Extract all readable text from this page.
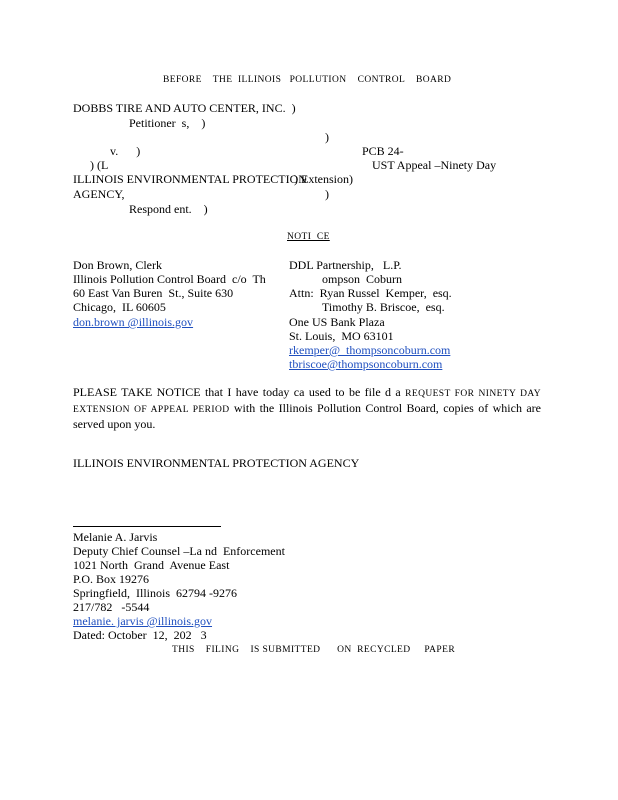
BEFORE    THE  ILLINOIS   POLLUTION    CONTROL    BOARD
DOBBS TIRE AND AUTO CENTER, INC.  )
Petitioner  s,    )
)
v.      )	PCB 24-
) (L	UST Appeal –Ninety Day
ILLINOIS ENVIRONMENTAL PROTECTION
) Extension)
AGENCY,	)
Respond ent.    )
NOTI  CE
Don Brown, Clerk
Illinois Pollution Control Board  c/o  Th
60 East Van Buren  St., Suite 630
Chicago,  IL 60605
don.brown @illinois.gov
DDL Partnership,   L.P.
ompson  Coburn
Attn:  Ryan Russel  Kemper,  esq.
Timothy B. Briscoe,  esq.
One US Bank Plaza
St. Louis,  MO 63101
rkemper@  thompsoncoburn.com
tbriscoe@thompsoncoburn.com
PLEASE TAKE NOTICE that I have today ca used to be file d a REQUEST FOR NINETY DAY EXTENSION OF APPEAL PERIOD with the Illinois Pollution Control Board, copies of which are served upon you.
ILLINOIS ENVIRONMENTAL PROTECTION AGENCY
Melanie A. Jarvis
Deputy Chief Counsel –La nd  Enforcement
1021 North  Grand  Avenue East
P.O. Box 19276
Springfield,  Illinois  62794 -9276
217/782   -5544
melanie. jarvis @illinois.gov
Dated: October  12,  202   3
THIS    FILING    IS SUBMITTED      ON  RECYCLED     PAPER
